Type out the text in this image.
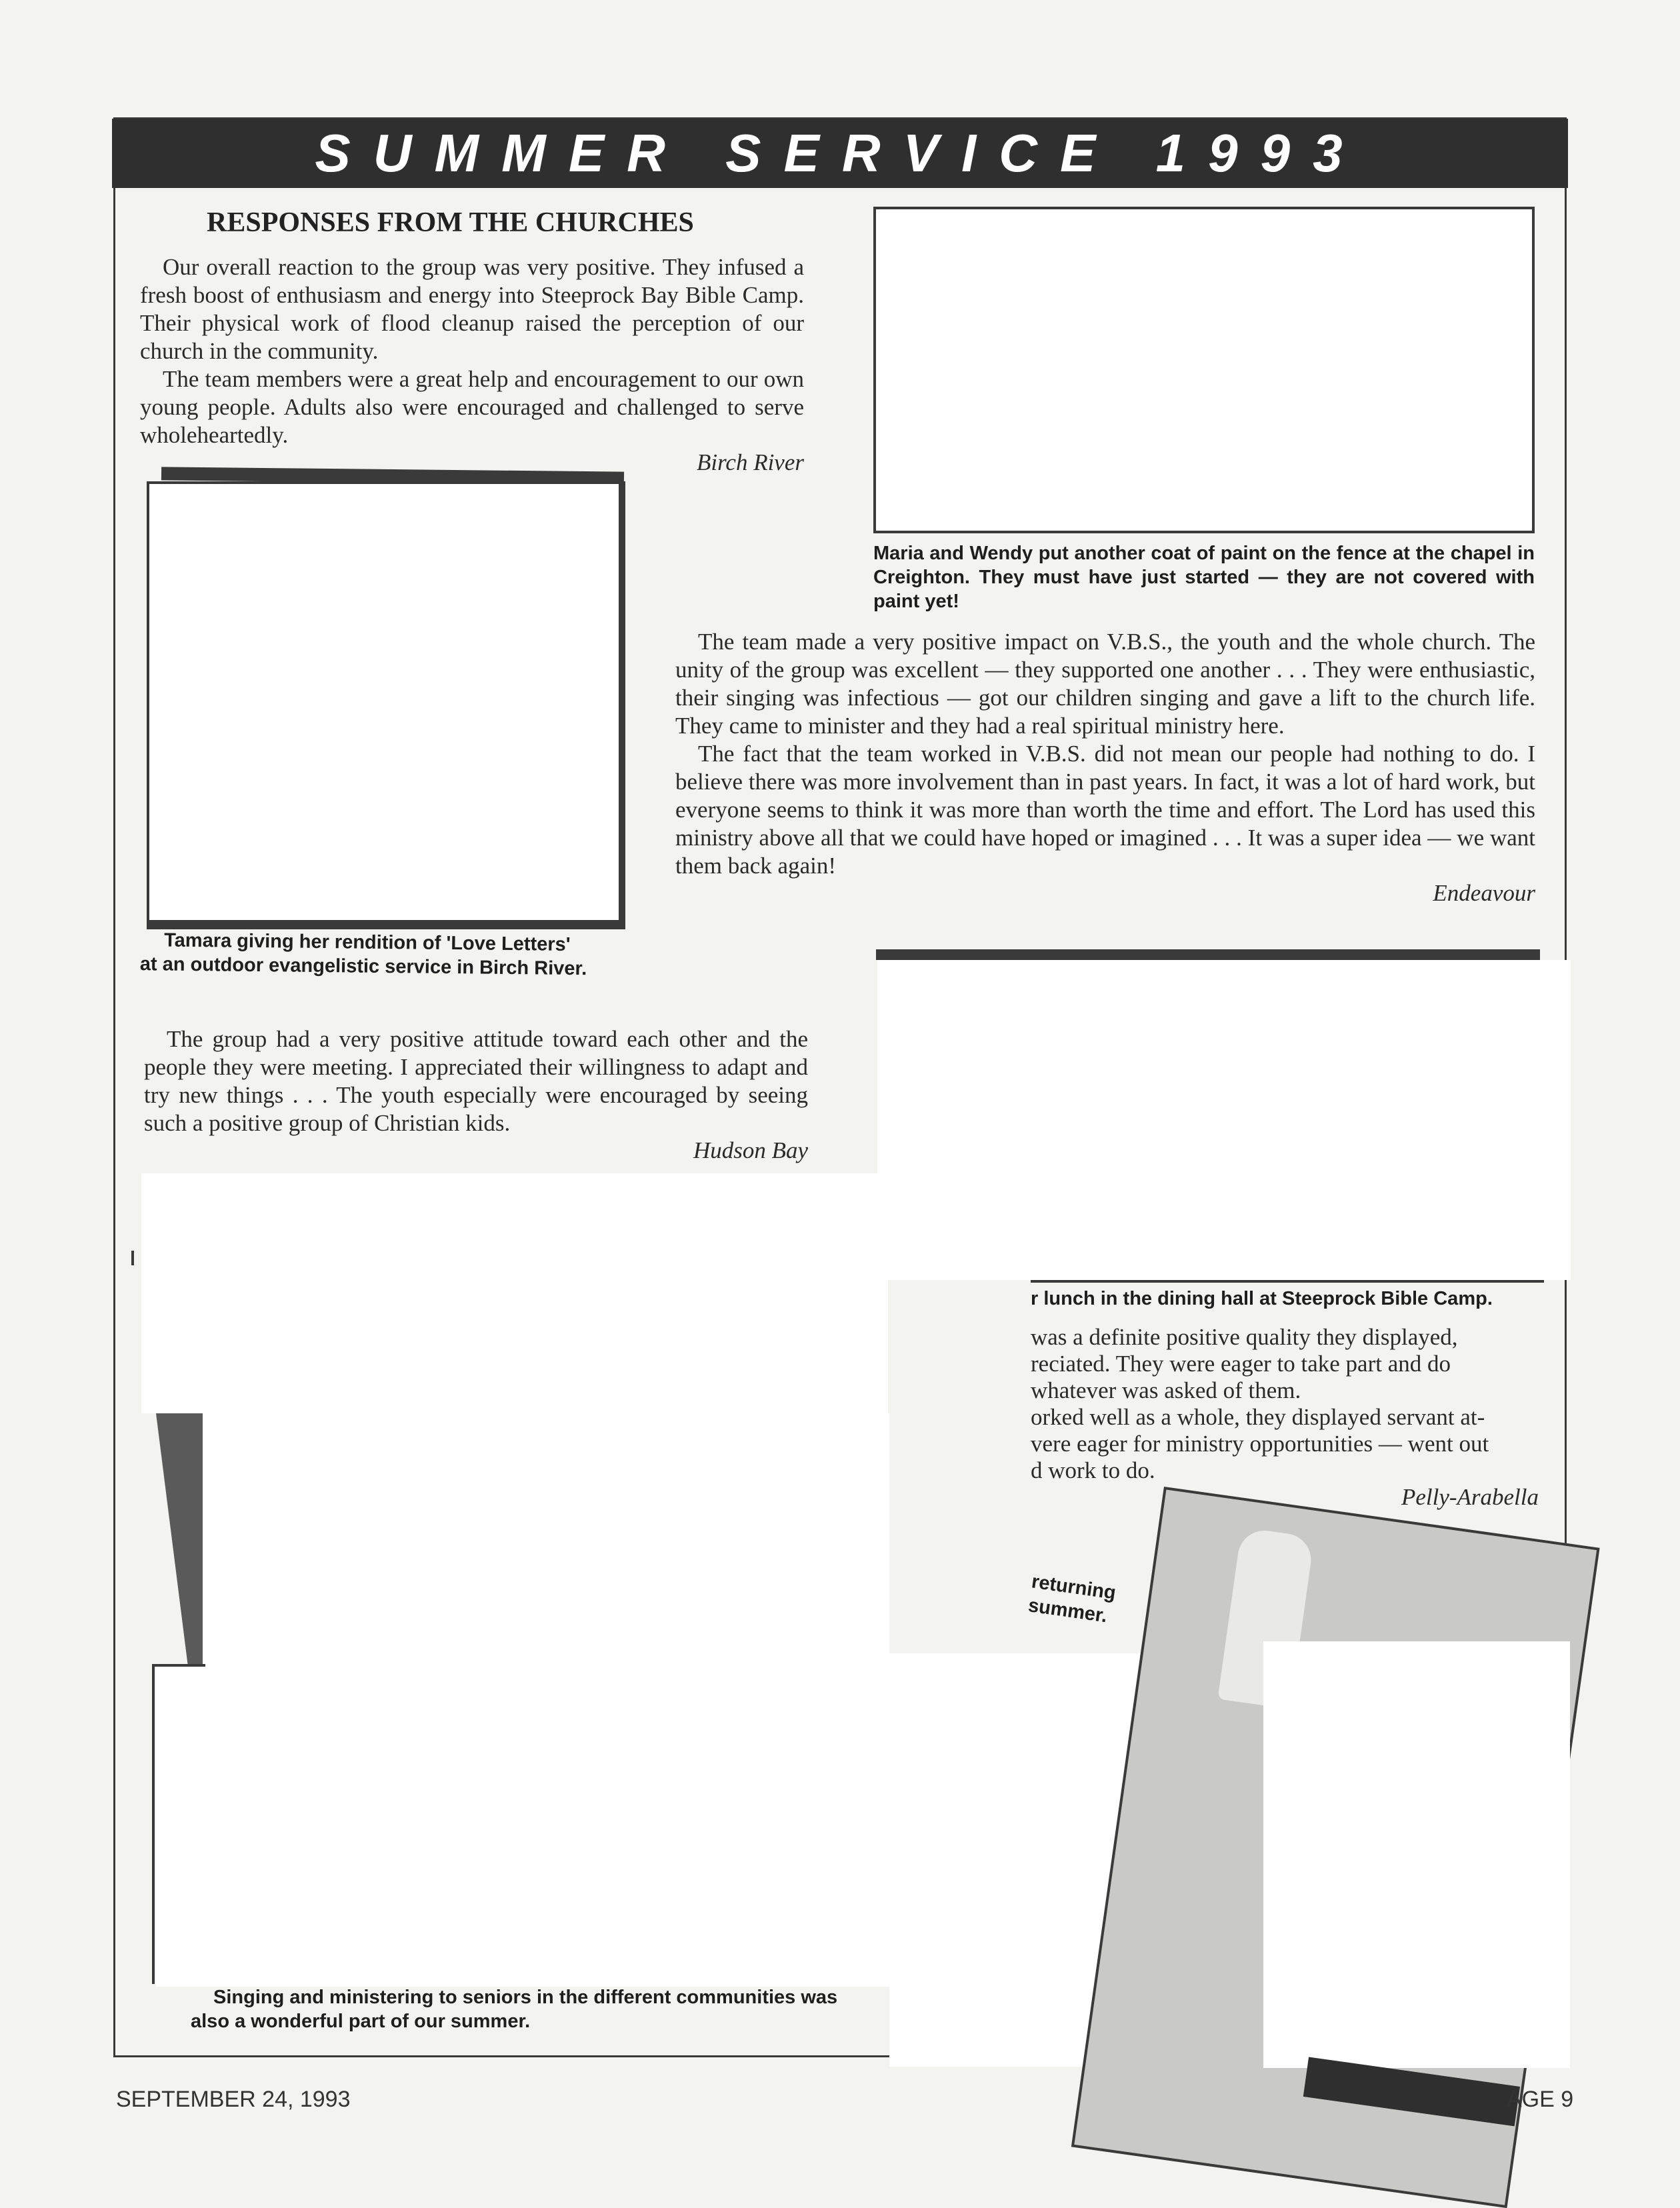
SUMMER SERVICE 1993
RESPONSES FROM THE CHURCHES

Our overall reaction to the group was very positive. They infused a fresh boost of enthusiasm and energy into Steeprock Bay Bible Camp. Their physical work of flood cleanup raised the perception of our church in the community.

The team members were a great help and encouragement to our own young people. Adults also were encouraged and challenged to serve wholeheartedly.

Birch River
Maria and Wendy put another coat of paint on the fence at the chapel in Creighton. They must have just started — they are not covered with paint yet!
Tamara giving her rendition of 'Love Letters'
at an outdoor evangelistic service in Birch River.

The team made a very positive impact on V.B.S., the youth and the whole church. The unity of the group was excellent — they supported one another . . . They were enthusiastic, their singing was infectious — got our children singing and gave a lift to the church life. They came to minister and they had a real spiritual ministry here.

The fact that the team worked in V.B.S. did not mean our people had nothing to do. I believe there was more involvement than in past years. In fact, it was a lot of hard work, but everyone seems to think it was more than worth the time and effort. The Lord has used this ministry above all that we could have hoped or imagined . . . It was a super idea — we want them back again!

Endeavour

The group had a very positive attitude toward each other and the people they were meeting. I appreciated their willingness to adapt and try new things . . . The youth especially were encouraged by seeing such a positive group of Christian kids.

Hudson Bay
r lunch in the dining hall at Steeprock Bible Camp.
Singing and ministering to seniors in the different communities was
also a wonderful part of our summer.
was a definite positive quality they displayed,
reciated. They were eager to take part and do
whatever was asked of them.
orked well as a whole, they displayed servant at-
vere eager for ministry opportunities — went out
d work to do.
Pelly-Arabella
returning
summer.
SEPTEMBER 24, 1993	AGE 9
